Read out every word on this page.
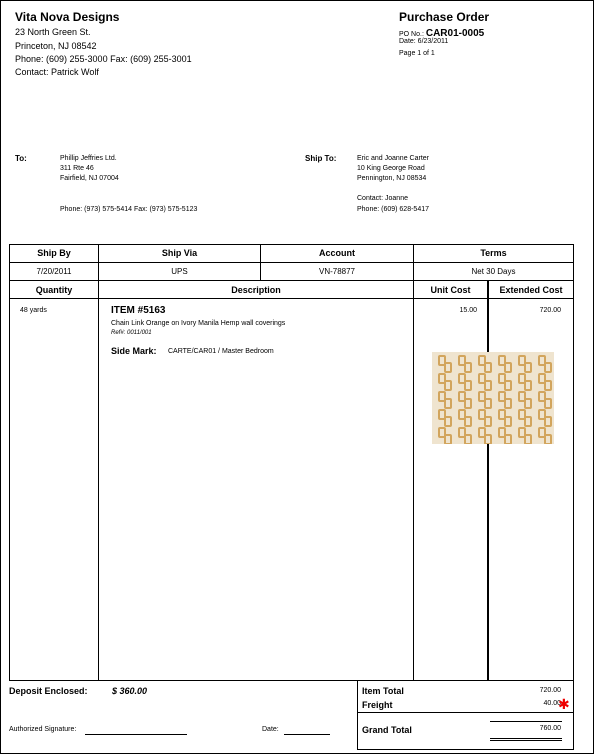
Vita Nova Designs
23 North Green St.
Princeton, NJ 08542
Phone: (609) 255-3000 Fax: (609) 255-3001
Contact: Patrick Wolf
Purchase Order
PO No.: CAR01-0005
Date: 6/23/2011
Page 1 of 1
To:	Phillip Jeffries Ltd.
311 Rte 46
Fairfield, NJ 07004
Phone: (973) 575-5414 Fax: (973) 575-5123
Ship To:	Eric and Joanne Carter
10 King George Road
Pennington, NJ 08534
Contact: Joanne
Phone: (609) 628-5417
Ship By	Ship Via	Account	Terms
7/20/2011	UPS	VN-78877	Net 30 Days
Quantity	Description	Unit Cost	Extended Cost
48 yards	ITEM #5163
Chain Link Orange on Ivory Manila Hemp wall coverings
Ref#: 0011/001
Side Mark: CARTE/CAR01 / Master Bedroom
15.00	720.00
Deposit Enclosed:	$ 360.00
Authorized Signature:	Date:
Item Total	720.00
Freight	40.00
✱
Grand Total	760.00
